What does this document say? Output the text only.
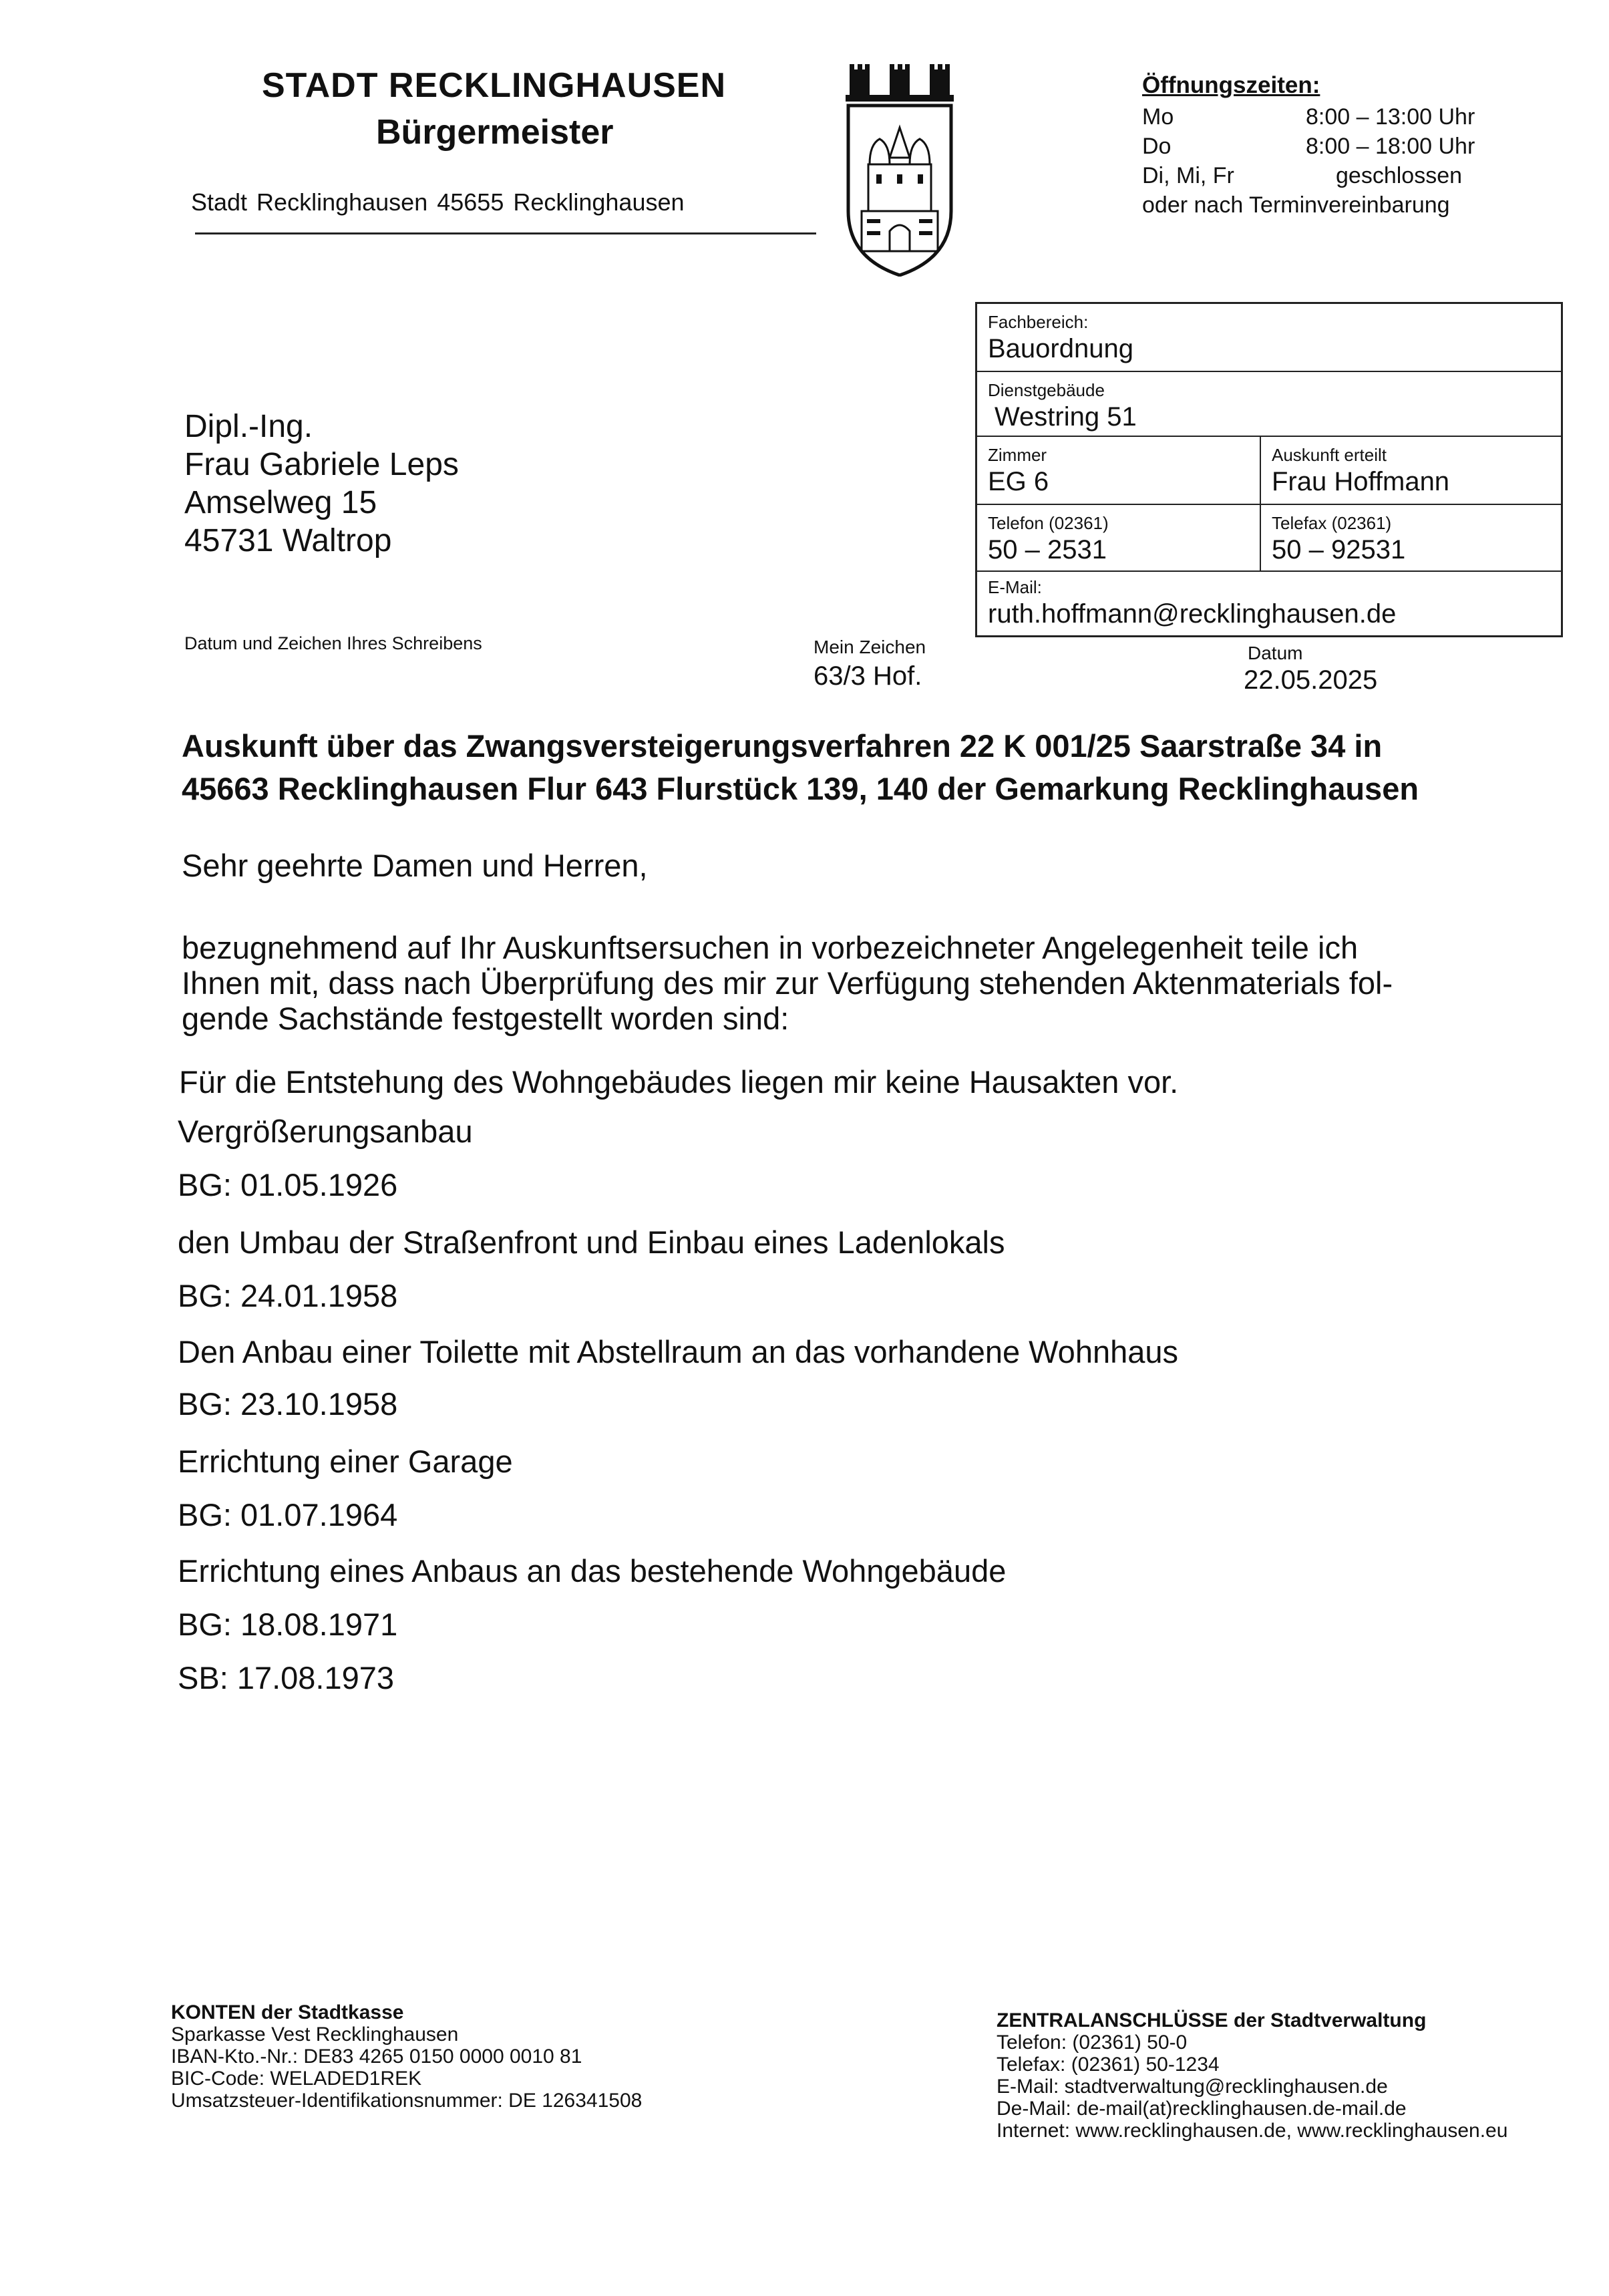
STADT RECKLINGHAUSEN
Bürgermeister
Stadt Recklinghausen 45655 Recklinghausen
Öffnungszeiten:
Mo	8:00 – 13:00 Uhr
Do	8:00 – 18:00 Uhr
Di, Mi, Fr	geschlossen
oder nach Terminvereinbarung
Dipl.-Ing.
Frau Gabriele Leps
Amselweg 15
45731 Waltrop
Fachbereich:
Bauordnung
Dienstgebäude
Westring 51
Zimmer
EG 6
Auskunft erteilt
Frau Hoffmann
Telefon (02361)
50 – 2531
Telefax (02361)
50 – 92531
E-Mail:
ruth.hoffmann@recklinghausen.de
Datum und Zeichen Ihres Schreibens	Mein Zeichen
63/3 Hof.
Datum
22.05.2025
Auskunft über das Zwangsversteigerungsverfahren 22 K 001/25 Saarstraße 34 in
45663 Recklinghausen Flur 643 Flurstück 139, 140 der Gemarkung Recklinghausen
Sehr geehrte Damen und Herren,
bezugnehmend auf Ihr Auskunftsersuchen in vorbezeichneter Angelegenheit teile ich
Ihnen mit, dass nach Überprüfung des mir zur Verfügung stehenden Aktenmaterials fol-
gende Sachstände festgestellt worden sind:
Für die Entstehung des Wohngebäudes liegen mir keine Hausakten vor.
Vergrößerungsanbau
BG: 01.05.1926
den Umbau der Straßenfront und Einbau eines Ladenlokals
BG: 24.01.1958
Den Anbau einer Toilette mit Abstellraum an das vorhandene Wohnhaus
BG: 23.10.1958
Errichtung einer Garage
BG: 01.07.1964
Errichtung eines Anbaus an das bestehende Wohngebäude
BG: 18.08.1971
SB: 17.08.1973
KONTEN der Stadtkasse
Sparkasse Vest Recklinghausen
IBAN-Kto.-Nr.: DE83 4265 0150 0000 0010 81
BIC-Code: WELADED1REK
Umsatzsteuer-Identifikationsnummer: DE 126341508
ZENTRALANSCHLÜSSE der Stadtverwaltung
Telefon: (02361) 50-0
Telefax: (02361) 50-1234
E-Mail: stadtverwaltung@recklinghausen.de
De-Mail: de-mail(at)recklinghausen.de-mail.de
Internet: www.recklinghausen.de, www.recklinghausen.eu
